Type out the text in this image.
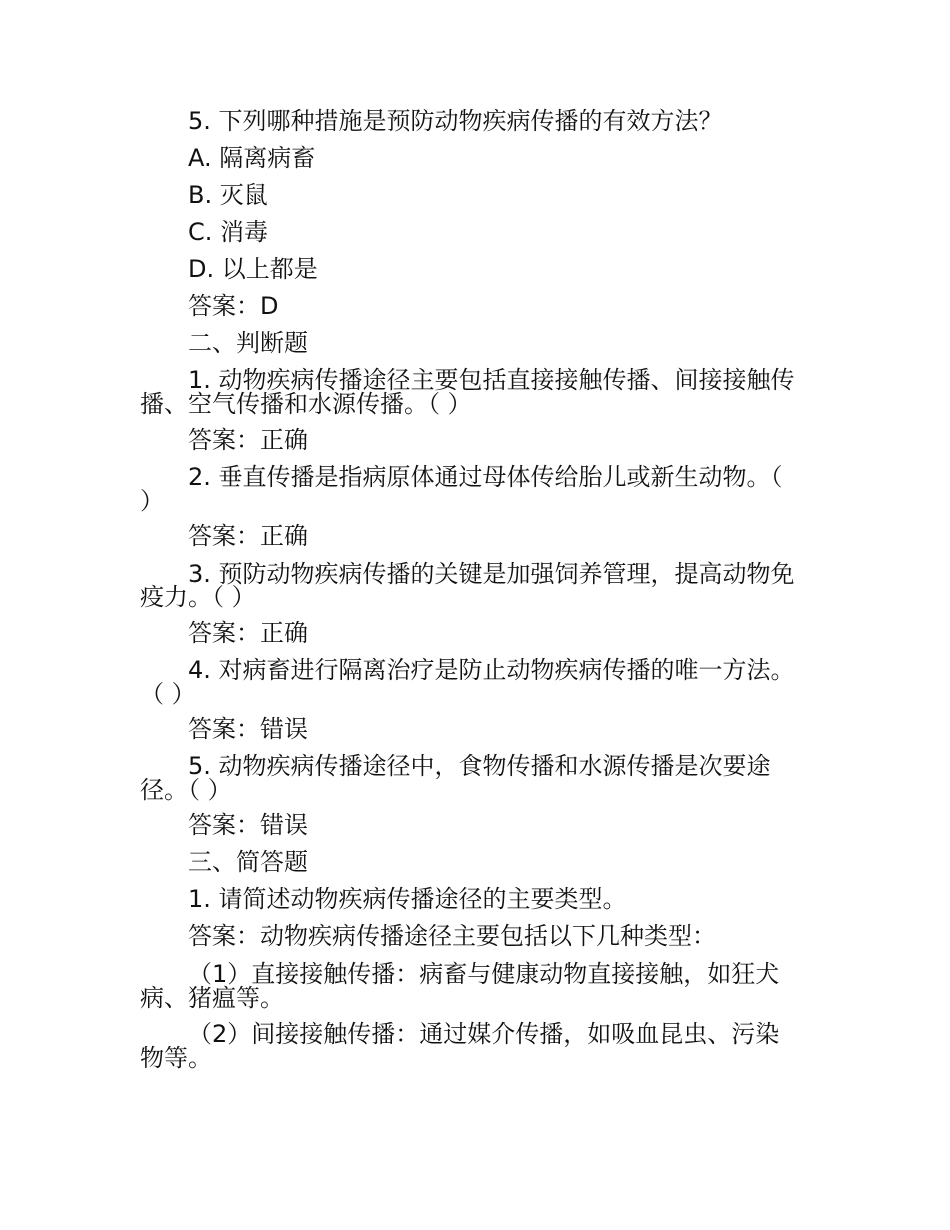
5. 下列哪种措施是预防动物疾病传播的有效方法？
A. 隔离病畜
B. 灭鼠
C. 消毒
D. 以上都是
答案：D
二、判断题
1. 动物疾病传播途径主要包括直接接触传播、间接接触传
播、空气传播和水源传播。（ ）
答案：正确
2. 垂直传播是指病原体通过母体传给胎儿或新生动物。（
）
答案：正确
3. 预防动物疾病传播的关键是加强饲养管理，提高动物免
疫力。（ ）
答案：正确
4. 对病畜进行隔离治疗是防止动物疾病传播的唯一方法。
（ ）
答案：错误
5. 动物疾病传播途径中，食物传播和水源传播是次要途
径。（ ）
答案：错误
三、简答题
1. 请简述动物疾病传播途径的主要类型。
答案：动物疾病传播途径主要包括以下几种类型：
（1）直接接触传播：病畜与健康动物直接接触，如狂犬
病、猪瘟等。
（2）间接接触传播：通过媒介传播，如吸血昆虫、污染
物等。
